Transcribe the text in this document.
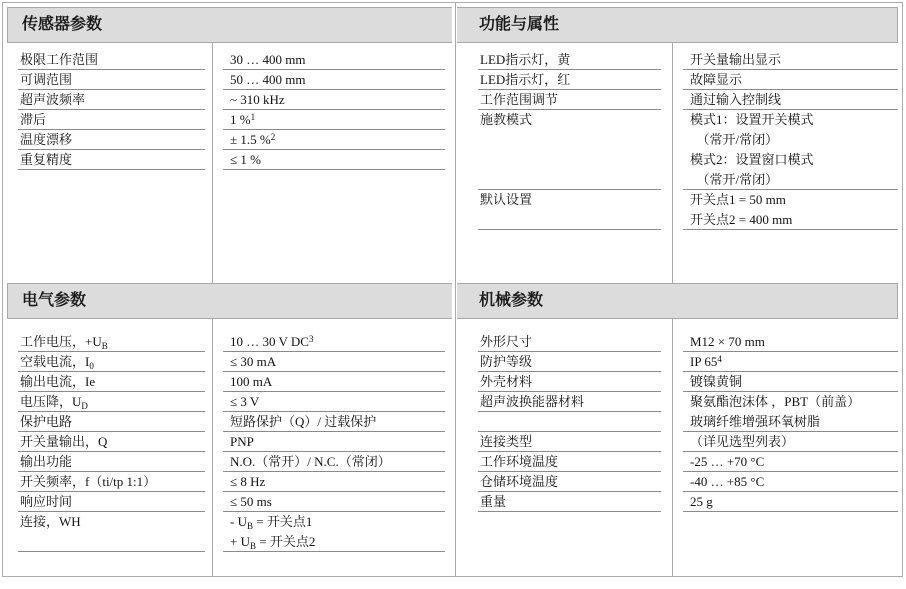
传感器参数	功能与属性
电气参数	机械参数
极限工作范围
可调范围
超声波频率
滞后
温度漂移
重复精度
30 … 400 mm
50 … 400 mm
~ 310 kHz
1 %$^1$
± 1.5 %$^2$
≤ 1 %
LED指示灯，黄
LED指示灯，红
工作范围调节
施教模式
默认设置
开关量输出显示
故障显示
通过输入控制线
模式1：设置开关模式
　（常开/常闭）
模式2：设置窗口模式
　（常开/常闭）
开关点1 = 50 mm
开关点2 = 400 mm
工作电压，$+U_B$
空载电流，$I_0$
输出电流，Ie
电压降，$U_D$
保护电路
开关量输出，Q
输出功能
开关频率，f（ti/tp 1:1）
响应时间
连接，WH
10 … 30 V $DC^3$
≤ 30 mA
100 mA
≤ 3 V
短路保护（Q）/ 过载保护
PNP
N.O.（常开）/ N.C.（常闭）
≤ 8 Hz
≤ 50 ms
- $U_B$ = 开关点1
+ $U_B$ = 开关点2
外形尺寸
防护等级
外壳材料
超声波换能器材料
连接类型
工作环境温度
仓储环境温度
重量
M12 × 70 mm
IP $65^4$
镀镍黄铜
聚氨酯泡沫体 ，PBT（前盖）
玻璃纤维增强环氧树脂
（详见选型列表）
-25 … +70 °C
-40 … +85 °C
25 g
